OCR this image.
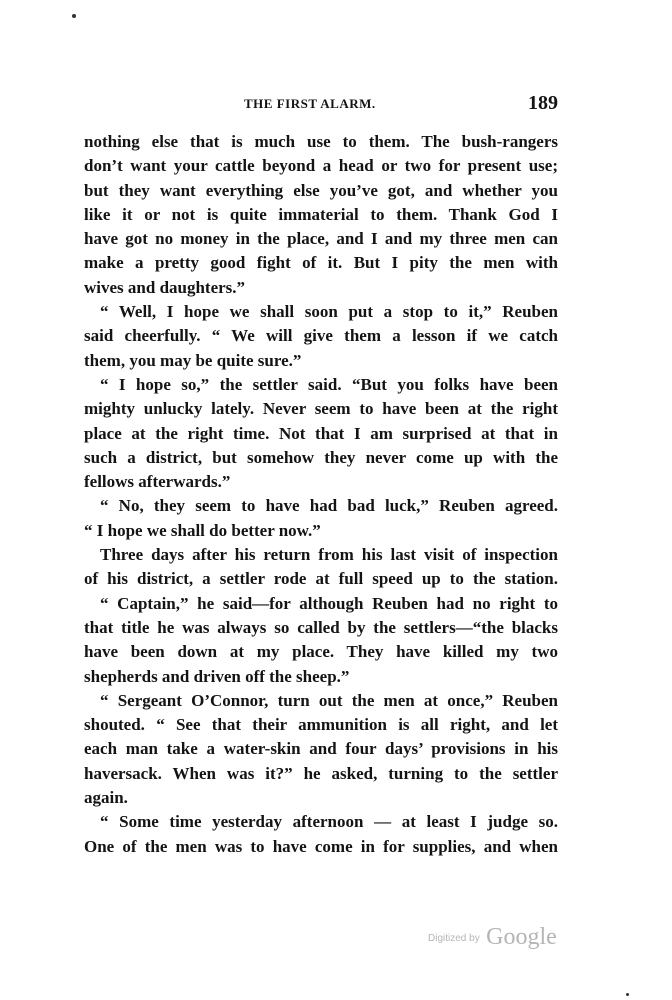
THE FIRST ALARM.	189
nothing else that is much use to them. The bush-rangers
don’t want your cattle beyond a head or two for present use;
but they want everything else you’ve got, and whether you
like it or not is quite immaterial to them. Thank God I
have got no money in the place, and I and my three men can
make a pretty good fight of it. But I pity the men with
wives and daughters.”
“ Well, I hope we shall soon put a stop to it,” Reuben
said cheerfully. “ We will give them a lesson if we catch
them, you may be quite sure.”
“ I hope so,” the settler said. “But you folks have been
mighty unlucky lately. Never seem to have been at the right
place at the right time. Not that I am surprised at that in
such a district, but somehow they never come up with the
fellows afterwards.”
“ No, they seem to have had bad luck,” Reuben agreed.
“ I hope we shall do better now.”
Three days after his return from his last visit of inspection
of his district, a settler rode at full speed up to the station.
“ Captain,” he said—for although Reuben had no right to
that title he was always so called by the settlers—“the blacks
have been down at my place. They have killed my two
shepherds and driven off the sheep.”
“ Sergeant O’Connor, turn out the men at once,” Reuben
shouted. “ See that their ammunition is all right, and let
each man take a water-skin and four days’ provisions in his
haversack. When was it?” he asked, turning to the settler
again.
“ Some time yesterday afternoon — at least I judge so.
One of the men was to have come in for supplies, and when
Digitized by Google
